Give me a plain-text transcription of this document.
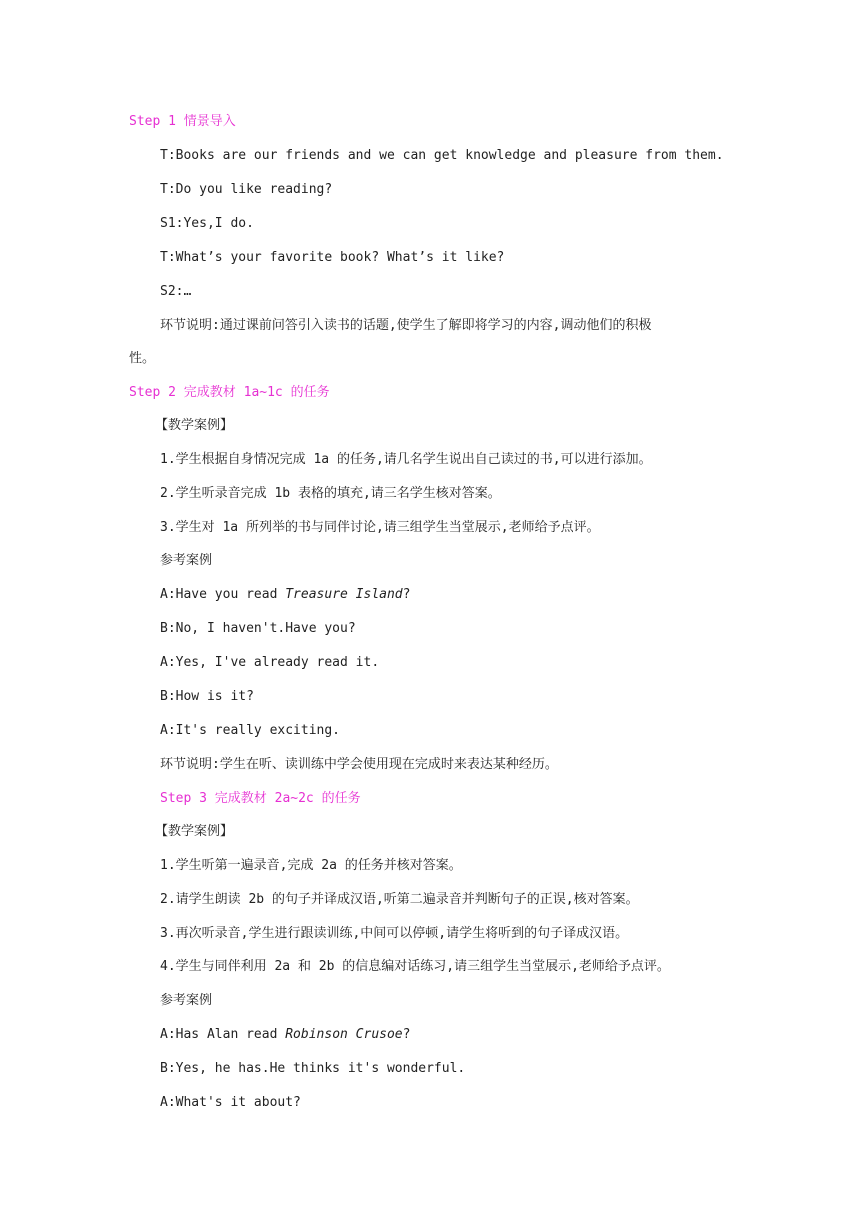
Step 1 情景导入
T:Books are our friends and we can get knowledge and pleasure from them.
T:Do you like reading?
S1:Yes,I do.
T:What’s your favorite book? What’s it like?
S2:…
环节说明:通过课前问答引入读书的话题,使学生了解即将学习的内容,调动他们的积极
性。
Step 2 完成教材 1a~1c 的任务
【教学案例】
1.学生根据自身情况完成 1a 的任务,请几名学生说出自己读过的书,可以进行添加。
2.学生听录音完成 1b 表格的填充,请三名学生核对答案。
3.学生对 1a 所列举的书与同伴讨论,请三组学生当堂展示,老师给予点评。
参考案例
A:Have you read Treasure Island?
B:No, I haven't.Have you?
A:Yes, I've already read it.
B:How is it?
A:It's really exciting.
环节说明:学生在听、读训练中学会使用现在完成时来表达某种经历。
Step 3 完成教材 2a~2c 的任务
【教学案例】
1.学生听第一遍录音,完成 2a 的任务并核对答案。
2.请学生朗读 2b 的句子并译成汉语,听第二遍录音并判断句子的正误,核对答案。
3.再次听录音,学生进行跟读训练,中间可以停顿,请学生将听到的句子译成汉语。
4.学生与同伴利用 2a 和 2b 的信息编对话练习,请三组学生当堂展示,老师给予点评。
参考案例
A:Has Alan read Robinson Crusoe?
B:Yes, he has.He thinks it's wonderful.
A:What's it about?
